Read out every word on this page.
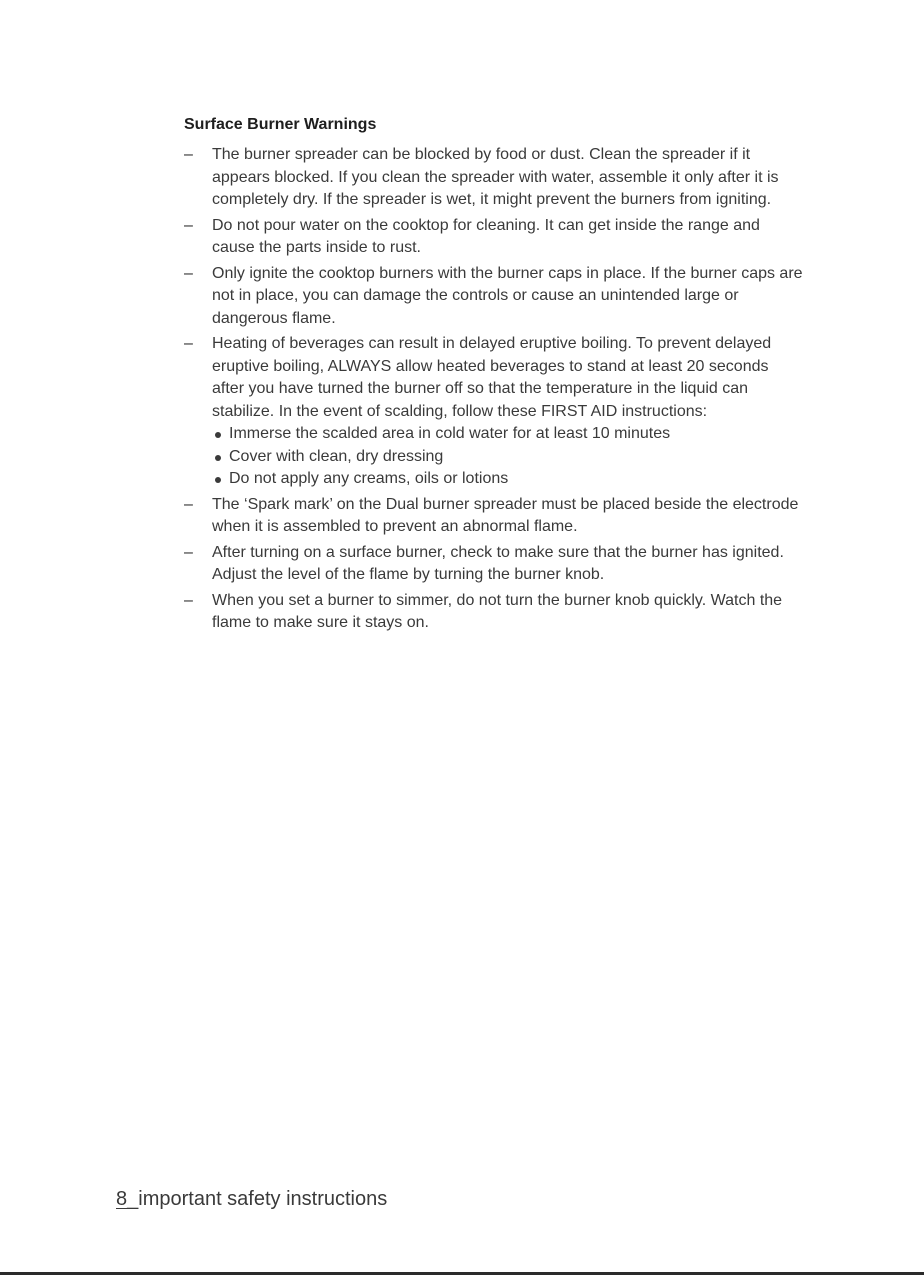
Surface Burner Warnings
– The burner spreader can be blocked by food or dust. Clean the spreader if it appears blocked. If you clean the spreader with water, assemble it only after it is completely dry. If the spreader is wet, it might prevent the burners from igniting.
– Do not pour water on the cooktop for cleaning. It can get inside the range and cause the parts inside to rust.
– Only ignite the cooktop burners with the burner caps in place. If the burner caps are not in place, you can damage the controls or cause an unintended large or dangerous flame.
– Heating of beverages can result in delayed eruptive boiling. To prevent delayed eruptive boiling, ALWAYS allow heated beverages to stand at least 20 seconds after you have turned the burner off so that the temperature in the liquid can stabilize. In the event of scalding, follow these FIRST AID instructions:
Immerse the scalded area in cold water for at least 10 minutes
Cover with clean, dry dressing
Do not apply any creams, oils or lotions
– The ‘Spark mark’ on the Dual burner spreader must be placed beside the electrode when it is assembled to prevent an abnormal flame.
– After turning on a surface burner, check to make sure that the burner has ignited. Adjust the level of the flame by turning the burner knob.
– When you set a burner to simmer, do not turn the burner knob quickly. Watch the flame to make sure it stays on.
8_important safety instructions
